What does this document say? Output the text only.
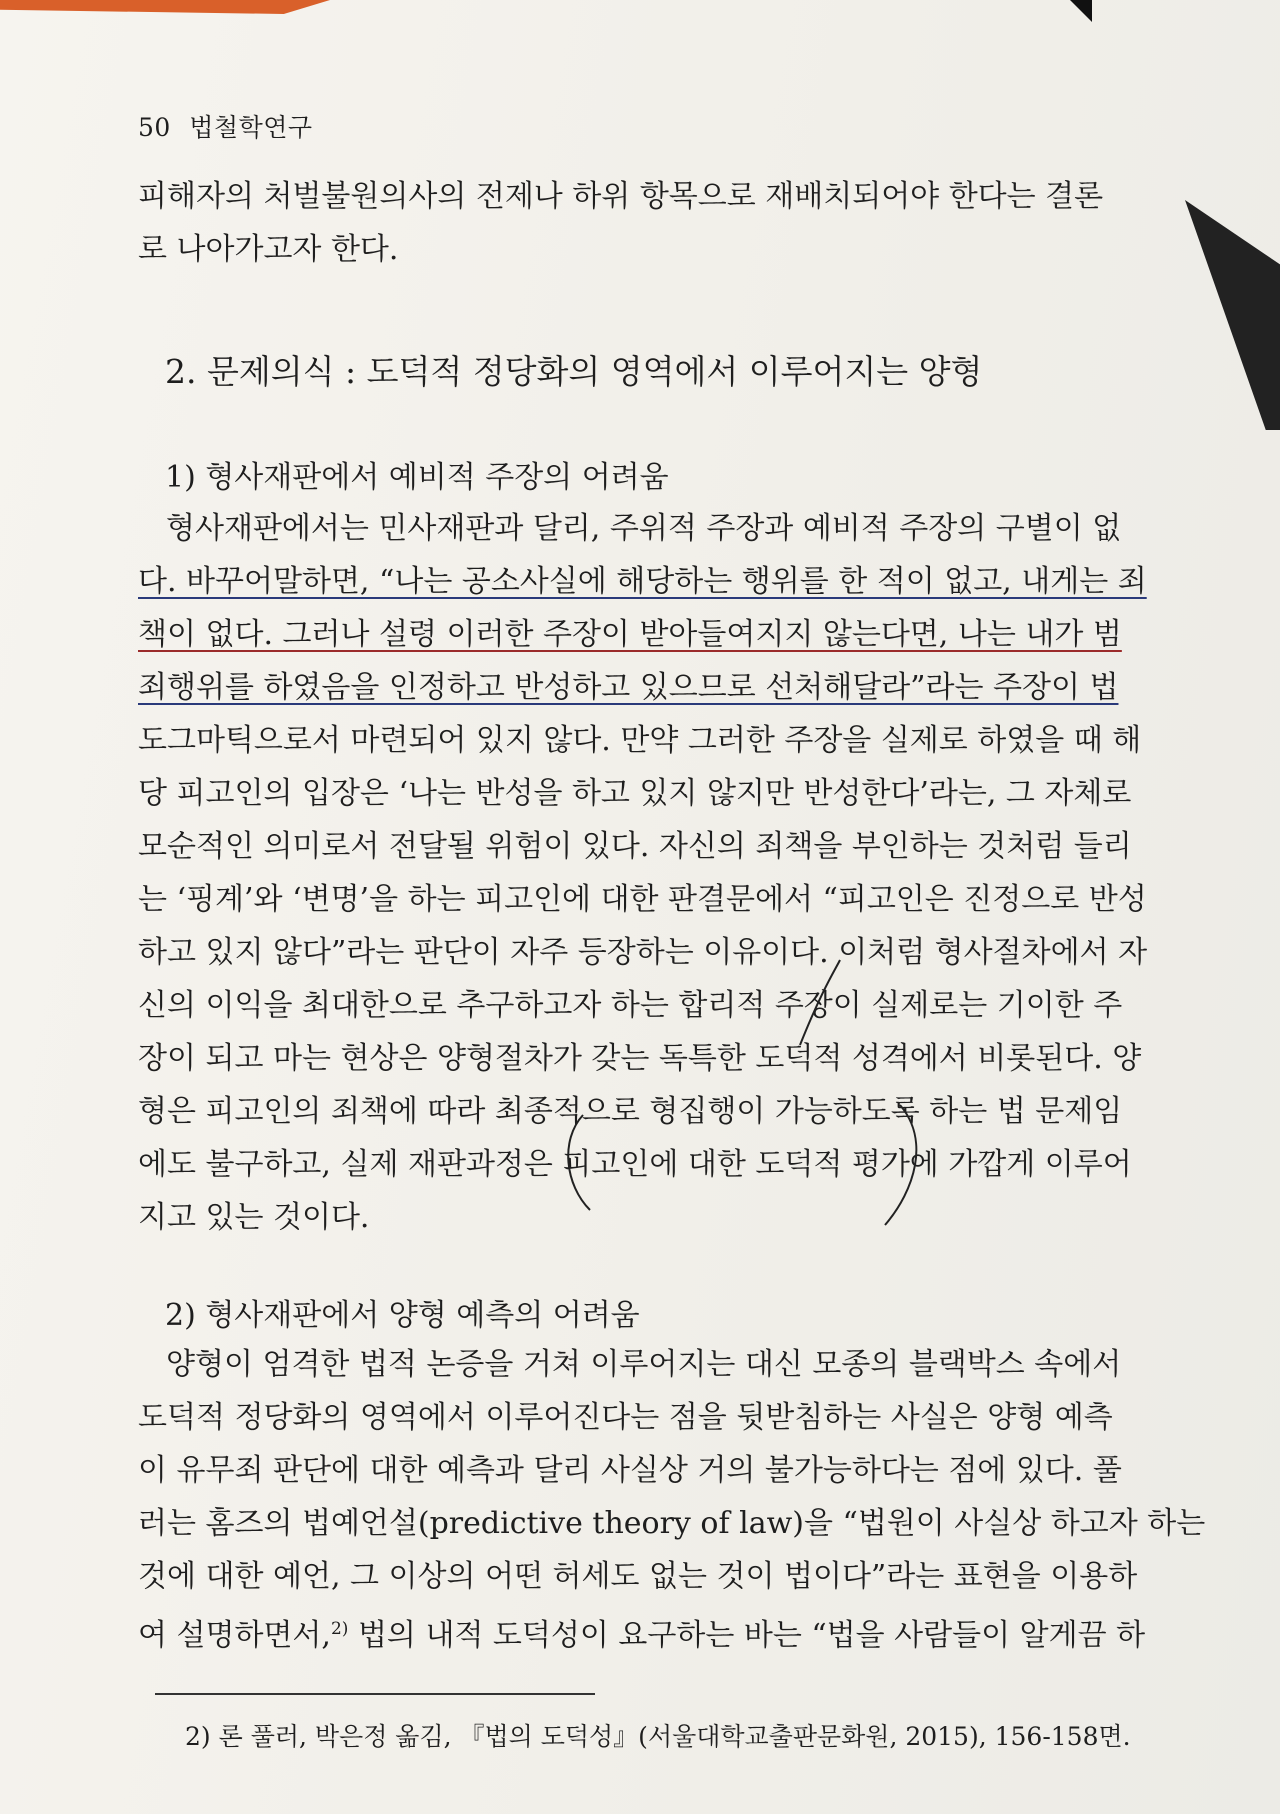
50 법철학연구
피해자의 처벌불원의사의 전제나 하위 항목으로 재배치되어야 한다는 결론
로 나아가고자 한다.
2. 문제의식 : 도덕적 정당화의 영역에서 이루어지는 양형
1) 형사재판에서 예비적 주장의 어려움
형사재판에서는 민사재판과 달리, 주위적 주장과 예비적 주장의 구별이 없
다. 바꾸어말하면, “나는 공소사실에 해당하는 행위를 한 적이 없고, 내게는 죄
책이 없다. 그러나 설령 이러한 주장이 받아들여지지 않는다면, 나는 내가 범
죄행위를 하였음을 인정하고 반성하고 있으므로 선처해달라”라는 주장이 법
도그마틱으로서 마련되어 있지 않다. 만약 그러한 주장을 실제로 하였을 때 해
당 피고인의 입장은 ‘나는 반성을 하고 있지 않지만 반성한다’라는, 그 자체로
모순적인 의미로서 전달될 위험이 있다. 자신의 죄책을 부인하는 것처럼 들리
는 ‘핑계’와 ‘변명’을 하는 피고인에 대한 판결문에서 “피고인은 진정으로 반성
하고 있지 않다”라는 판단이 자주 등장하는 이유이다. 이처럼 형사절차에서 자
신의 이익을 최대한으로 추구하고자 하는 합리적 주장이 실제로는 기이한 주
장이 되고 마는 현상은 양형절차가 갖는 독특한 도덕적 성격에서 비롯된다. 양
형은 피고인의 죄책에 따라 최종적으로 형집행이 가능하도록 하는 법 문제임
에도 불구하고, 실제 재판과정은 피고인에 대한 도덕적 평가에 가깝게 이루어
지고 있는 것이다.
2) 형사재판에서 양형 예측의 어려움
양형이 엄격한 법적 논증을 거쳐 이루어지는 대신 모종의 블랙박스 속에서
도덕적 정당화의 영역에서 이루어진다는 점을 뒷받침하는 사실은 양형 예측
이 유무죄 판단에 대한 예측과 달리 사실상 거의 불가능하다는 점에 있다. 풀
러는 홈즈의 법예언설(predictive theory of law)을 “법원이 사실상 하고자 하는
것에 대한 예언, 그 이상의 어떤 허세도 없는 것이 법이다”라는 표현을 이용하
여 설명하면서,$^{2)}$ 법의 내적 도덕성이 요구하는 바는 “법을 사람들이 알게끔 하
2) 론 풀러, 박은정 옮김, 『법의 도덕성』(서울대학교출판문화원, 2015), 156-158면.
